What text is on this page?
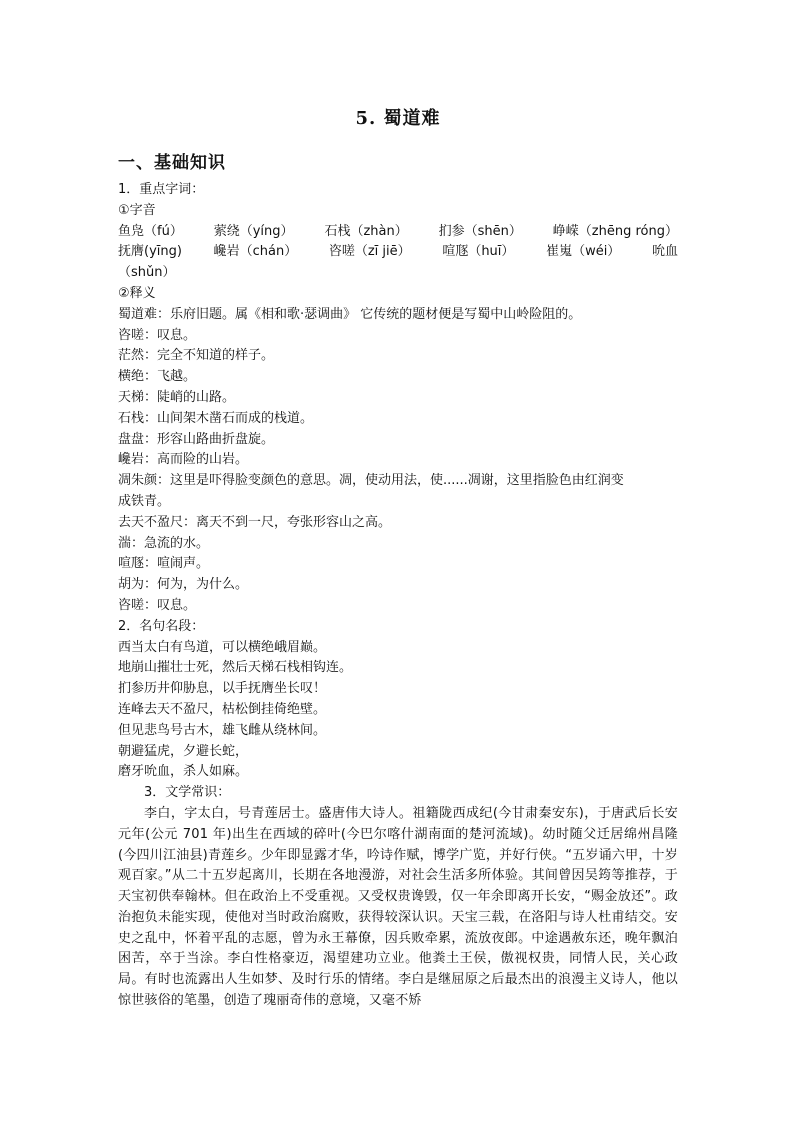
5. 蜀道难
一、基础知识
1．重点字词：
①字音
鱼凫（fú） 萦绕（yíng） 石栈（zhàn） 扪参（shēn） 峥嵘（zhēng róng）
抚膺(yīng) 巉岩（chán） 咨嗟（zī jiē） 喧豗（huī） 崔嵬（wéi） 吮血
（shǔn）
②释义
蜀道难：乐府旧题。属《相和歌·瑟调曲》 它传统的题材便是写蜀中山岭险阻的。
咨嗟：叹息。
茫然：完全不知道的样子。
横绝：飞越。
天梯：陡峭的山路。
石栈：山间架木凿石而成的栈道。
盘盘：形容山路曲折盘旋。
巉岩：高而险的山岩。
凋朱颜：这里是吓得脸变颜色的意思。凋，使动用法，使......凋谢，这里指脸色由红润变
成铁青。
去天不盈尺：离天不到一尺，夸张形容山之高。
湍：急流的水。
喧豗：喧闹声。
胡为：何为，为什么。
咨嗟：叹息。
2．名句名段：
西当太白有鸟道，可以横绝峨眉巅。
地崩山摧壮士死，然后天梯石栈相钩连。
扪参历井仰胁息，以手抚膺坐长叹！
连峰去天不盈尺，枯松倒挂倚绝壁。
但见悲鸟号古木，雄飞雌从绕林间。
朝避猛虎，夕避长蛇，
磨牙吮血，杀人如麻。
3．文学常识：
李白，字太白，号青莲居士。盛唐伟大诗人。祖籍陇西成纪(今甘肃秦安东)，于唐武后长安元年(公元 701 年)出生在西域的碎叶(今巴尔喀什湖南面的楚河流域)。幼时随父迁居绵州昌隆(今四川江油县)青莲乡。少年即显露才华，吟诗作赋，博学广览，并好行侠。“五岁诵六甲，十岁观百家。”从二十五岁起离川，长期在各地漫游，对社会生活多所体验。其间曾因吴筠等推荐，于天宝初供奉翰林。但在政治上不受重视。又受权贵谗毁，仅一年余即离开长安，“赐金放还”。政治抱负未能实现，使他对当时政治腐败，获得较深认识。天宝三载，在洛阳与诗人杜甫结交。安史之乱中，怀着平乱的志愿，曾为永王幕僚，因兵败牵累，流放夜郎。中途遇赦东还，晚年飘泊困苦，卒于当涂。李白性格豪迈，渴望建功立业。他粪土王侯，傲视权贵，同情人民，关心政局。有时也流露出人生如梦、及时行乐的情绪。李白是继屈原之后最杰出的浪漫主义诗人，他以惊世骇俗的笔墨，创造了瑰丽奇伟的意境，又毫不矫
